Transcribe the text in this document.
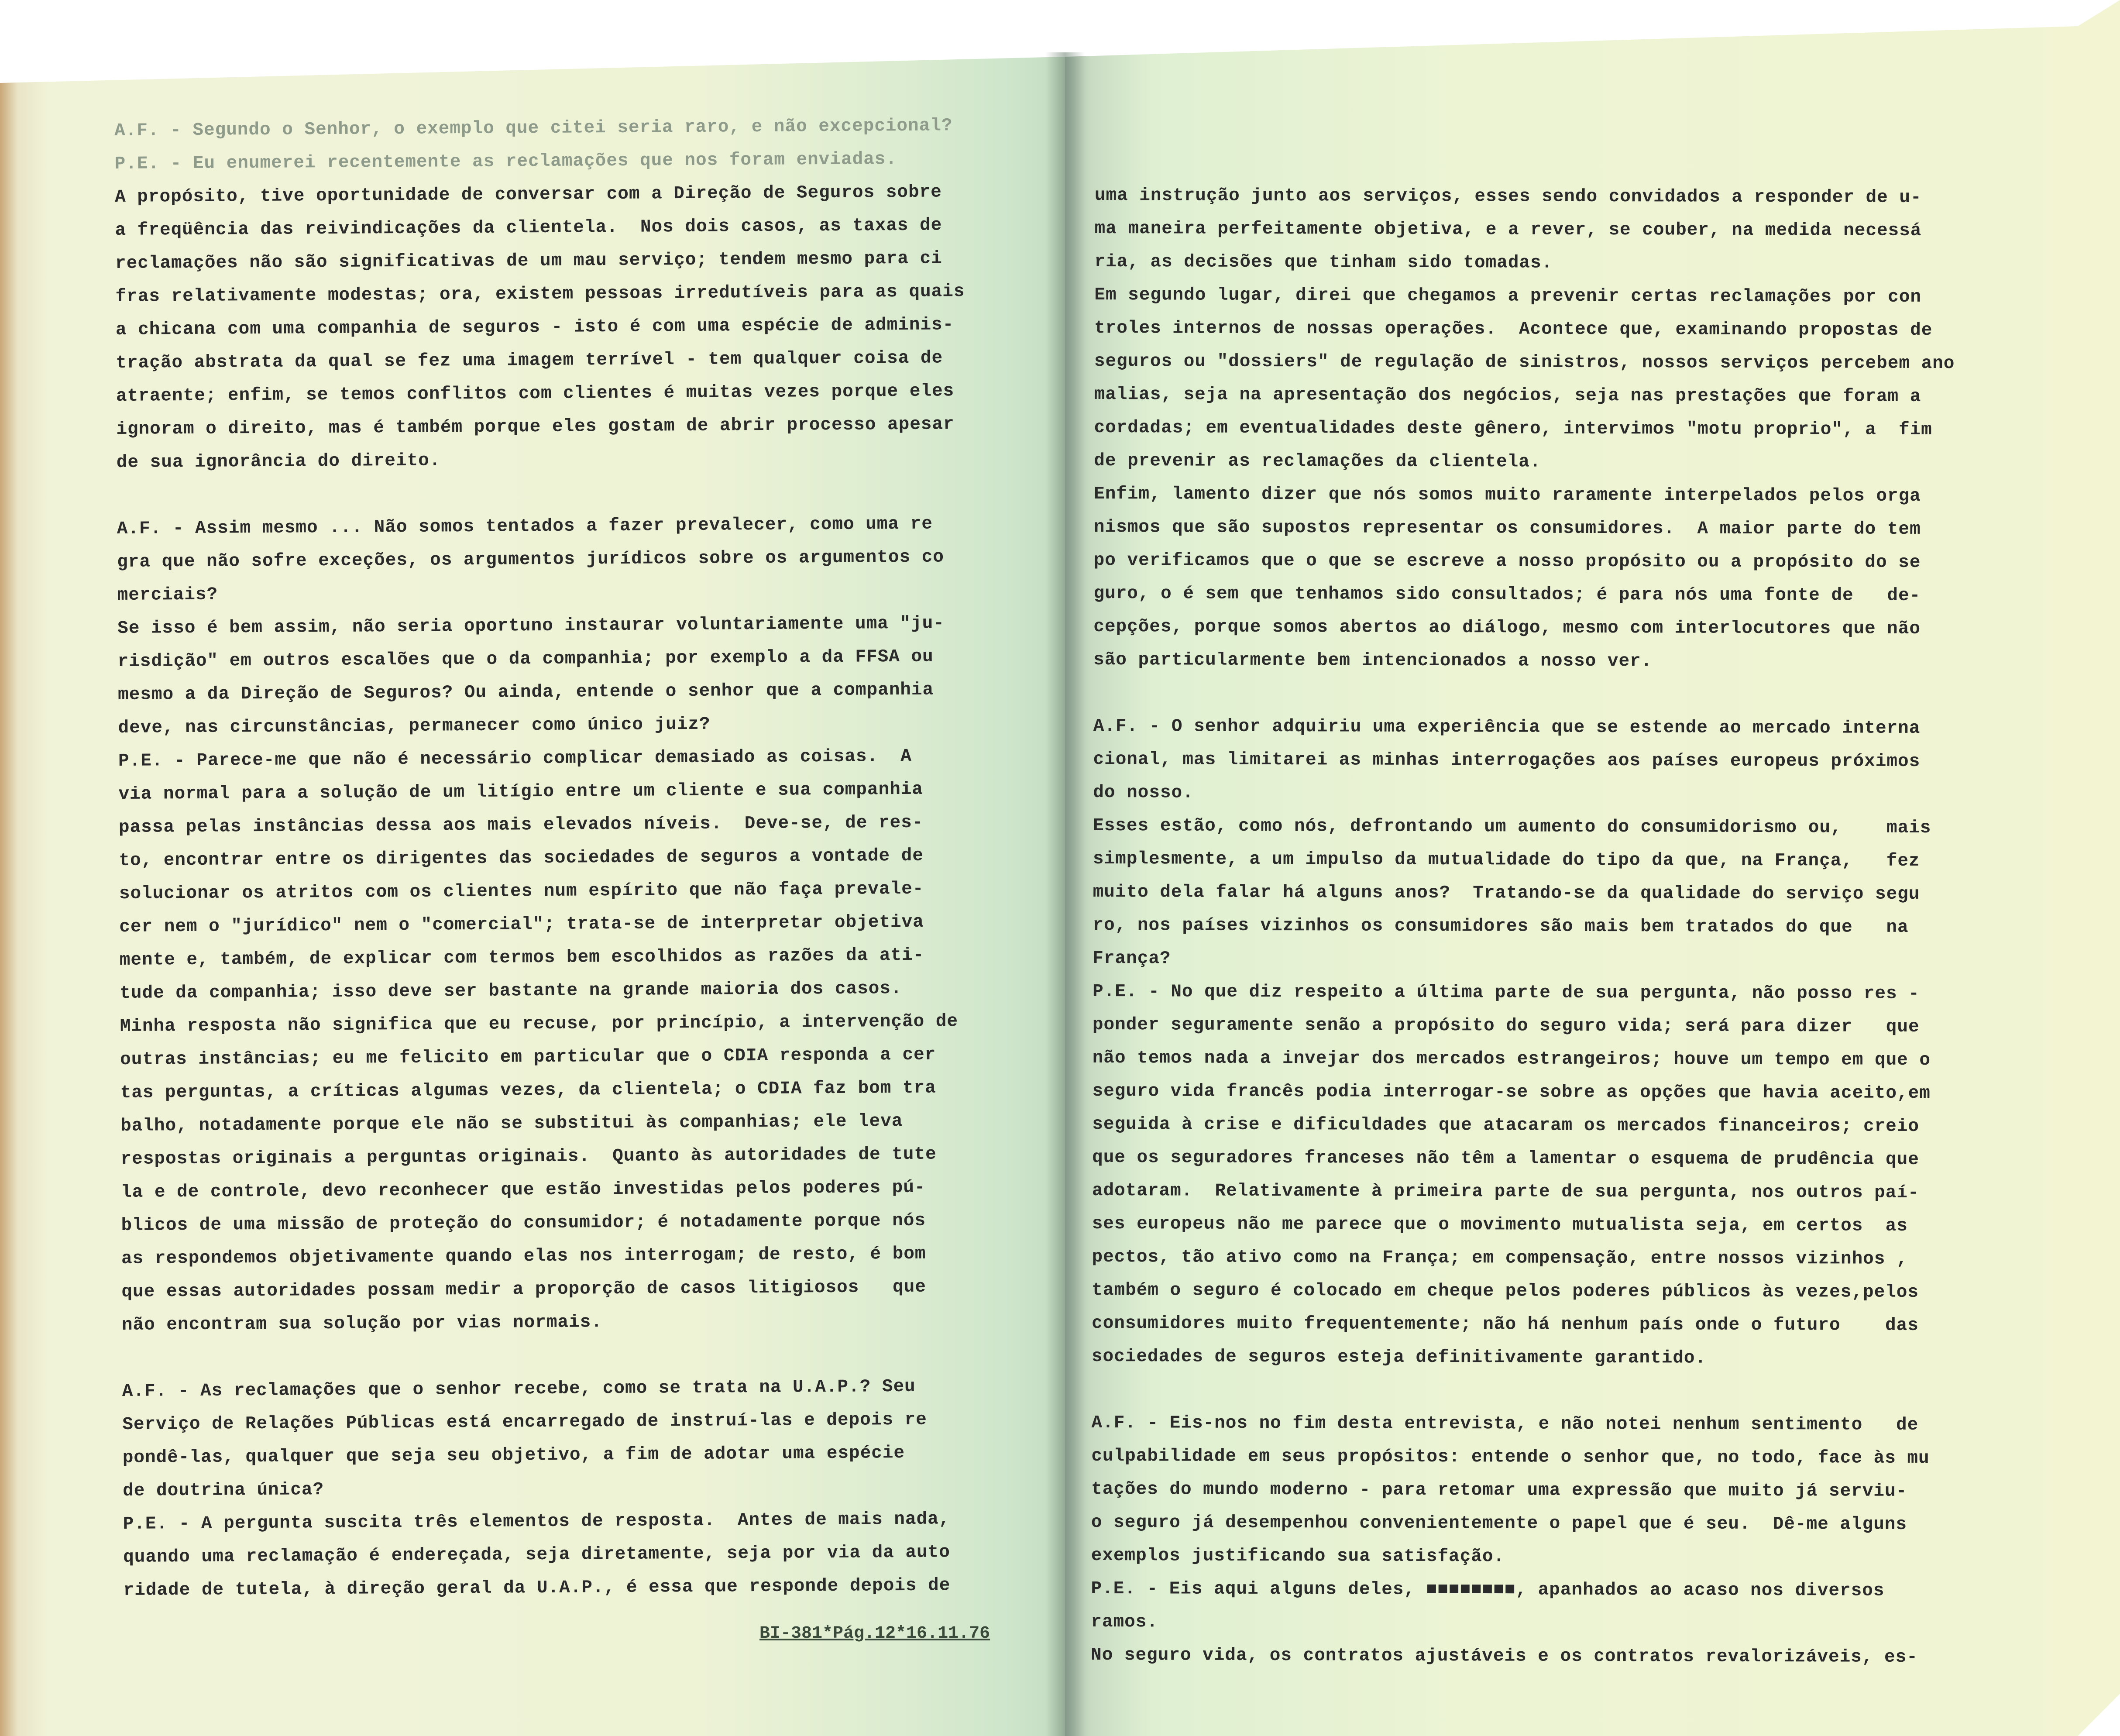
A.F. - Segundo o Senhor, o exemplo que citei seria raro, e não excepcional?
P.E. - Eu enumerei recentemente as reclamações que nos foram enviadas.
A propósito, tive oportunidade de conversar com a Direção de Seguros sobre
a freqüência das reivindicações da clientela.  Nos dois casos, as taxas de
reclamações não são significativas de um mau serviço; tendem mesmo para ci
fras relativamente modestas; ora, existem pessoas irredutíveis para as quais
a chicana com uma companhia de seguros - isto é com uma espécie de adminis-
tração abstrata da qual se fez uma imagem terrível - tem qualquer coisa de
atraente; enfim, se temos conflitos com clientes é muitas vezes porque eles
ignoram o direito, mas é também porque eles gostam de abrir processo apesar
de sua ignorância do direito.
A.F. - Assim mesmo ... Não somos tentados a fazer prevalecer, como uma re
gra que não sofre exceções, os argumentos jurídicos sobre os argumentos co
merciais?
Se isso é bem assim, não seria oportuno instaurar voluntariamente uma "ju-
risdição" em outros escalões que o da companhia; por exemplo a da FFSA ou
mesmo a da Direção de Seguros? Ou ainda, entende o senhor que a companhia
deve, nas circunstâncias, permanecer como único juiz?
P.E. - Parece-me que não é necessário complicar demasiado as coisas.  A
via normal para a solução de um litígio entre um cliente e sua companhia
passa pelas instâncias dessa aos mais elevados níveis.  Deve-se, de res-
to, encontrar entre os dirigentes das sociedades de seguros a vontade de
solucionar os atritos com os clientes num espírito que não faça prevale-
cer nem o "jurídico" nem o "comercial"; trata-se de interpretar objetiva
mente e, também, de explicar com termos bem escolhidos as razões da ati-
tude da companhia; isso deve ser bastante na grande maioria dos casos.
Minha resposta não significa que eu recuse, por princípio, a intervenção de
outras instâncias; eu me felicito em particular que o CDIA responda a cer
tas perguntas, a críticas algumas vezes, da clientela; o CDIA faz bom tra
balho, notadamente porque ele não se substitui às companhias; ele leva
respostas originais a perguntas originais.  Quanto às autoridades de tute
la e de controle, devo reconhecer que estão investidas pelos poderes pú-
blicos de uma missão de proteção do consumidor; é notadamente porque nós
as respondemos objetivamente quando elas nos interrogam; de resto, é bom
que essas autoridades possam medir a proporção de casos litigiosos   que
não encontram sua solução por vias normais.
A.F. - As reclamações que o senhor recebe, como se trata na U.A.P.? Seu
Serviço de Relações Públicas está encarregado de instruí-las e depois re
pondê-las, qualquer que seja seu objetivo, a fim de adotar uma espécie
de doutrina única?
P.E. - A pergunta suscita três elementos de resposta.  Antes de mais nada,
quando uma reclamação é endereçada, seja diretamente, seja por via da auto
ridade de tutela, à direção geral da U.A.P., é essa que responde depois de
uma instrução junto aos serviços, esses sendo convidados a responder de u-
ma maneira perfeitamente objetiva, e a rever, se couber, na medida necessá
ria, as decisões que tinham sido tomadas.
Em segundo lugar, direi que chegamos a prevenir certas reclamações por con
troles internos de nossas operações.  Acontece que, examinando propostas de
seguros ou "dossiers" de regulação de sinistros, nossos serviços percebem ano
malias, seja na apresentação dos negócios, seja nas prestações que foram a
cordadas; em eventualidades deste gênero, intervimos "motu proprio", a  fim
de prevenir as reclamações da clientela.
Enfim, lamento dizer que nós somos muito raramente interpelados pelos orga
nismos que são supostos representar os consumidores.  A maior parte do tem
po verificamos que o que se escreve a nosso propósito ou a propósito do se
guro, o é sem que tenhamos sido consultados; é para nós uma fonte de   de-
cepções, porque somos abertos ao diálogo, mesmo com interlocutores que não
são particularmente bem intencionados a nosso ver.
A.F. - O senhor adquiriu uma experiência que se estende ao mercado interna
cional, mas limitarei as minhas interrogações aos países europeus próximos
do nosso.
Esses estão, como nós, defrontando um aumento do consumidorismo ou,    mais
simplesmente, a um impulso da mutualidade do tipo da que, na França,   fez
muito dela falar há alguns anos?  Tratando-se da qualidade do serviço segu
ro, nos países vizinhos os consumidores são mais bem tratados do que   na
França?
P.E. - No que diz respeito a última parte de sua pergunta, não posso res -
ponder seguramente senão a propósito do seguro vida; será para dizer   que
não temos nada a invejar dos mercados estrangeiros; houve um tempo em que o
seguro vida francês podia interrogar-se sobre as opções que havia aceito,em
seguida à crise e dificuldades que atacaram os mercados financeiros; creio
que os seguradores franceses não têm a lamentar o esquema de prudência que
adotaram.  Relativamente à primeira parte de sua pergunta, nos outros paí-
ses europeus não me parece que o movimento mutualista seja, em certos  as
pectos, tão ativo como na França; em compensação, entre nossos vizinhos ,
também o seguro é colocado em cheque pelos poderes públicos às vezes,pelos
consumidores muito frequentemente; não há nenhum país onde o futuro    das
sociedades de seguros esteja definitivamente garantido.
A.F. - Eis-nos no fim desta entrevista, e não notei nenhum sentimento   de
culpabilidade em seus propósitos: entende o senhor que, no todo, face às mu
tações do mundo moderno - para retomar uma expressão que muito já serviu-
o seguro já desempenhou convenientemente o papel que é seu.  Dê-me alguns
exemplos justificando sua satisfação.
P.E. - Eis aqui alguns deles, ■■■■■■■■, apanhados ao acaso nos diversos
ramos.
No seguro vida, os contratos ajustáveis e os contratos revalorizáveis, es-
BI-381*Pág.12*16.11.76
